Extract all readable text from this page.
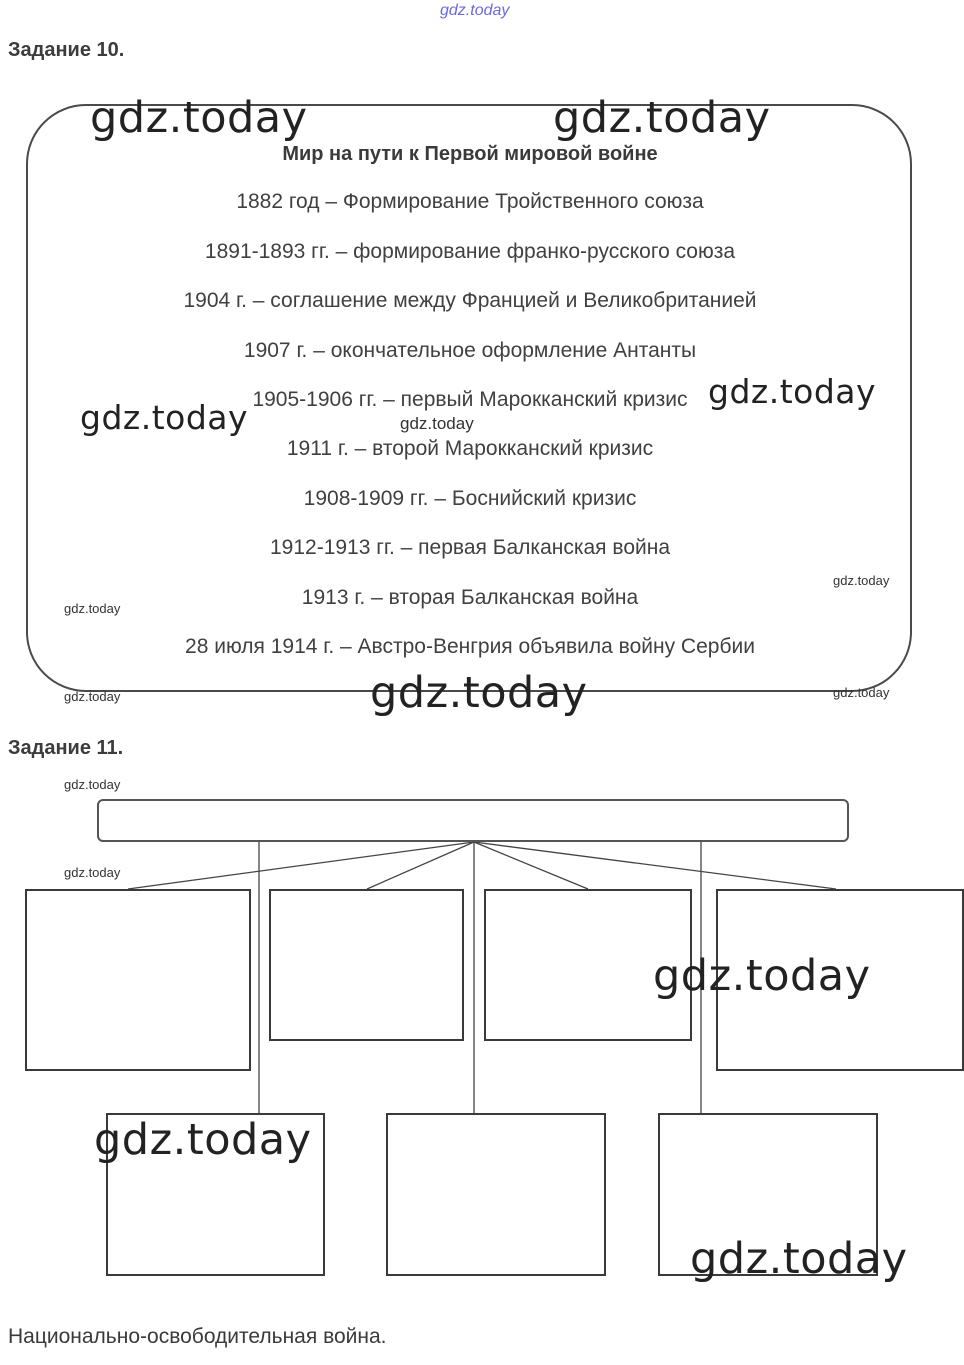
gdz.today
Задание 10.
Мир на пути к Первой мировой войне
1882 год – Формирование Тройственного союза
1891-1893 гг. – формирование франко-русского союза
1904 г. – соглашение между Францией и Великобританией
1907 г. – окончательное оформление Антанты
1905-1906 гг. – первый Марокканский кризис
1911 г. – второй Марокканский кризис
1908-1909 гг. – Боснийский кризис
1912-1913 гг. – первая Балканская война
1913 г. – вторая Балканская война
28 июля 1914 г. – Австро-Венгрия объявила войну Сербии
gdz.today	gdz.today
gdz.today
gdz.today	gdz.today
gdz.today
gdz.today
gdz.today	gdz.today
gdz.today
Задание 11.
gdz.today
gdz.today
gdz.today
gdz.today
gdz.today
Национально-освободительная война.
